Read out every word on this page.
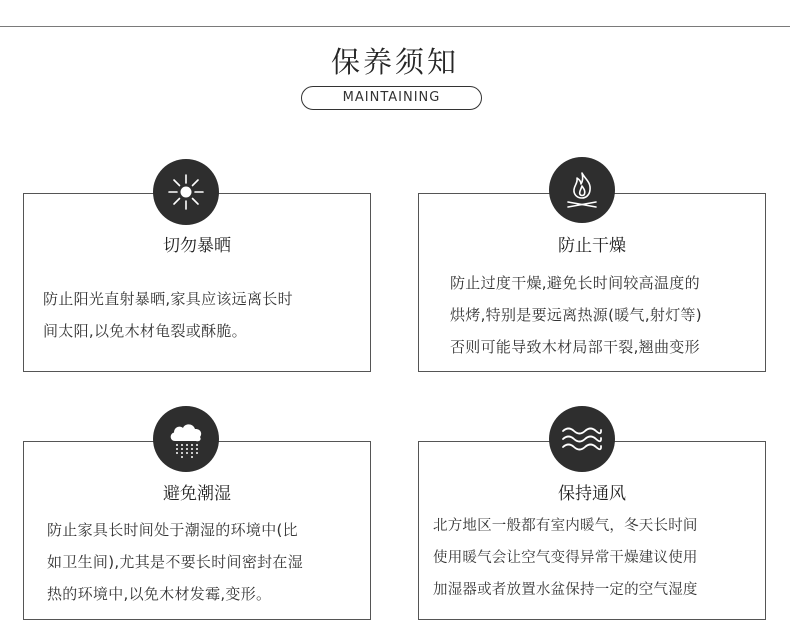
保养须知
MAINTAINING
切勿暴晒
防止阳光直射暴晒,家具应该远离长时
间太阳,以免木材龟裂或酥脆。
防止干燥
防止过度干燥,避免长时间较高温度的
烘烤,特别是要远离热源(暖气,射灯等)
否则可能导致木材局部干裂,翘曲变形
避免潮湿
防止家具长时间处于潮湿的环境中(比
如卫生间),尤其是不要长时间密封在湿
热的环境中,以免木材发霉,变形。
保持通风
北方地区一般都有室内暖气，冬天长时间
使用暖气会让空气变得异常干燥建议使用
加湿器或者放置水盆保持一定的空气湿度
